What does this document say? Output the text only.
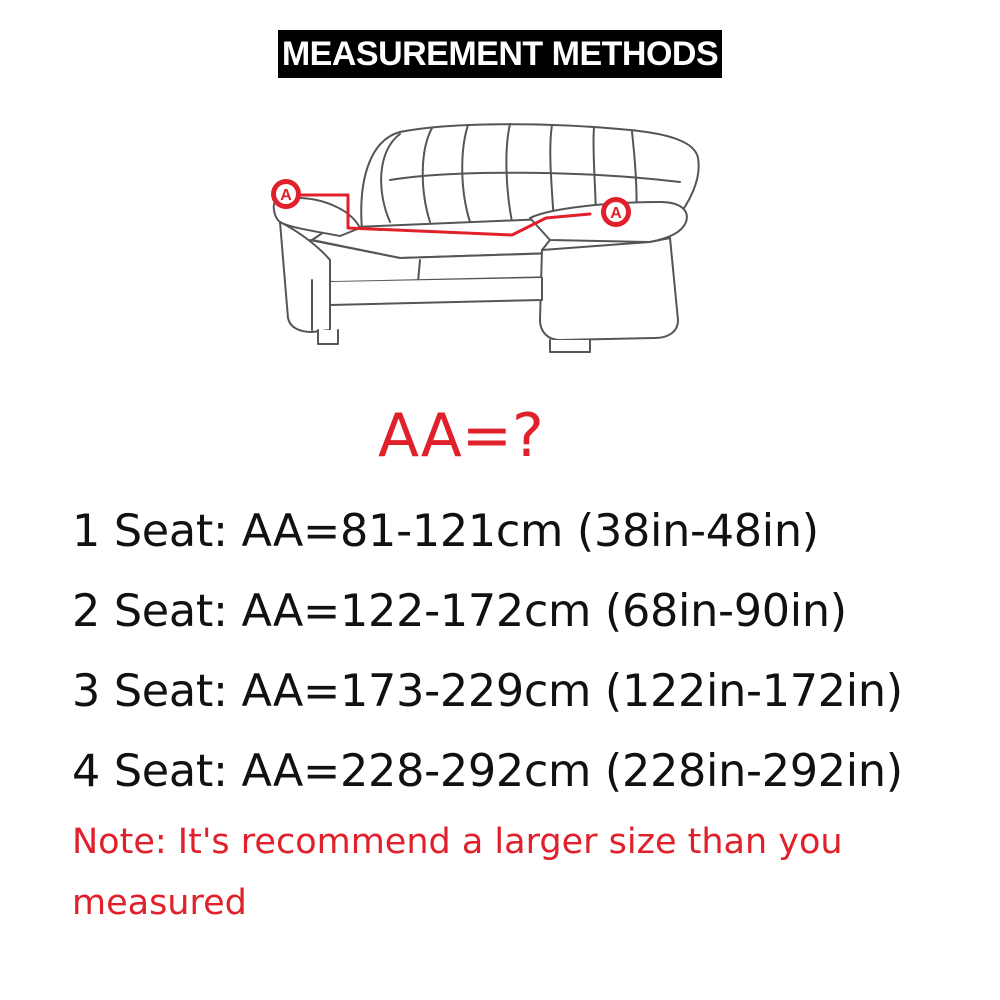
MEASUREMENT METHODS
A
A
AA=?
1 Seat: AA=81-121cm (38in-48in)
2 Seat: AA=122-172cm (68in-90in)
3 Seat: AA=173-229cm (122in-172in)
4 Seat: AA=228-292cm (228in-292in)
Note: It's recommend a larger size than you measured
